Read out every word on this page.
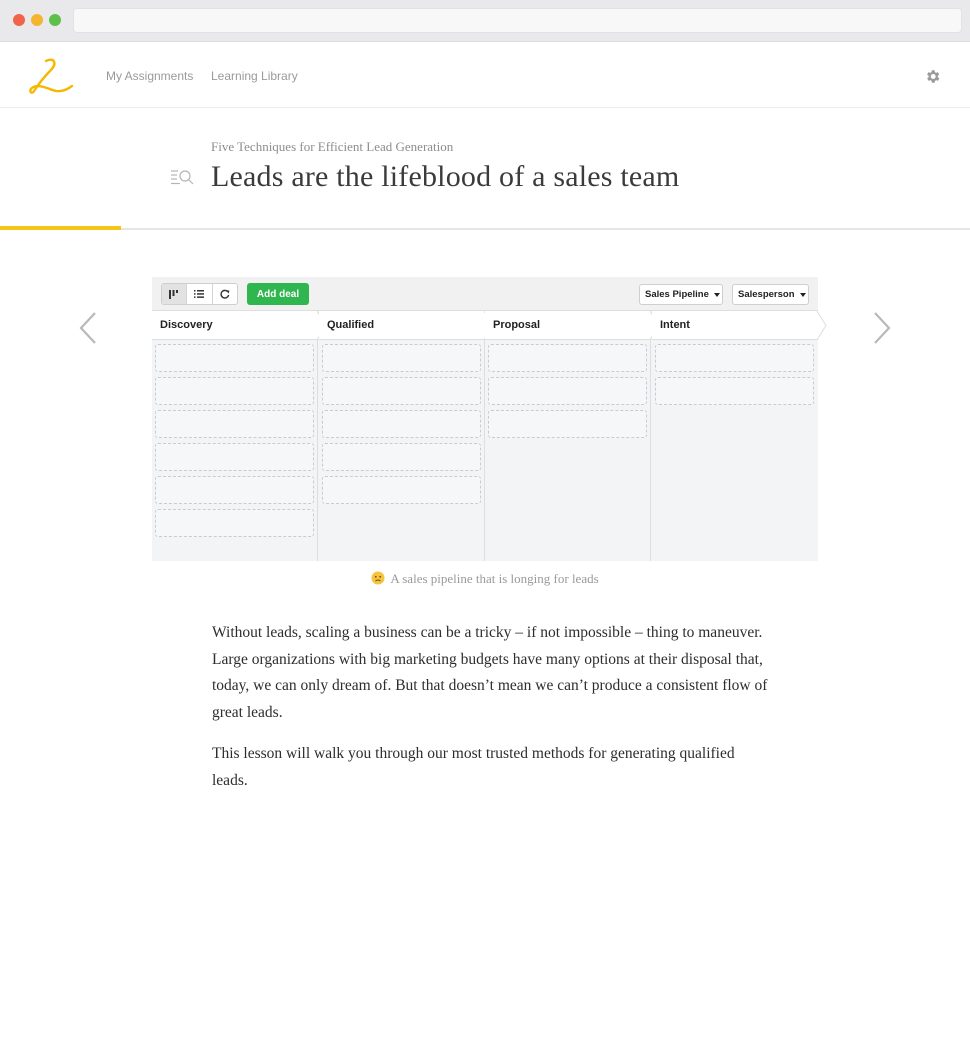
My Assignments Learning Library
Five Techniques for Efficient Lead Generation
Leads are the lifeblood of a sales team
Add deal	Sales Pipeline	Salesperson
Discovery	Qualified	Proposal	Intent
A sales pipeline that is longing for leads

Without leads, scaling a business can be a tricky – if not impossible – thing to maneuver. Large organizations with big marketing budgets have many options at their disposal that, today, we can only dream of. But that doesn’t mean we can’t produce a consistent flow of great leads.

This lesson will walk you through our most trusted methods for generating qualified leads.
